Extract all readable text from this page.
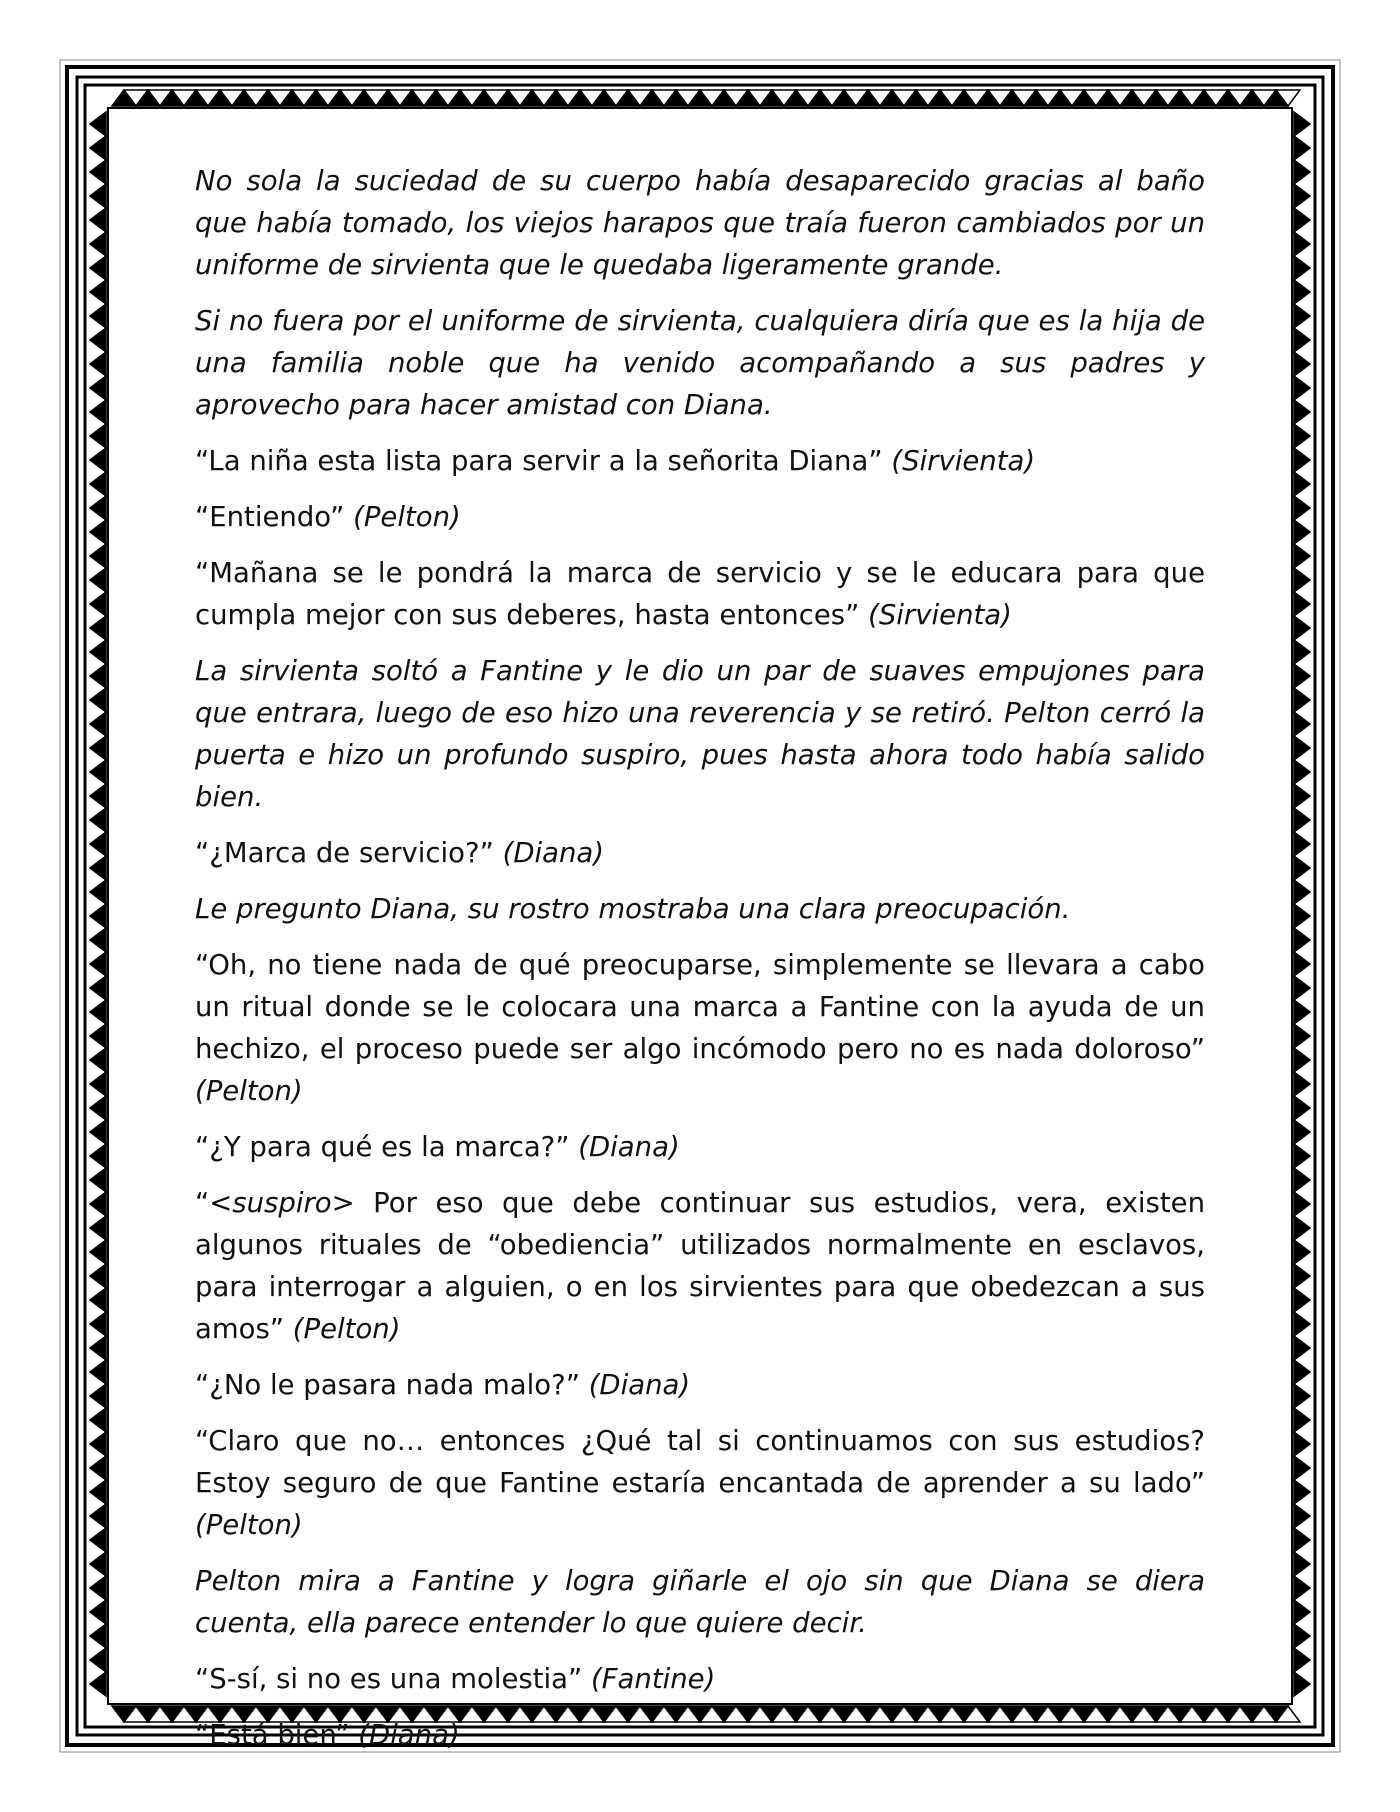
No sola la suciedad de su cuerpo había desaparecido gracias al baño que había tomado, los viejos harapos que traía fueron cambiados por un uniforme de sirvienta que le quedaba ligeramente grande.

Si no fuera por el uniforme de sirvienta, cualquiera diría que es la hija de una familia noble que ha venido acompañando a sus padres y aprovecho para hacer amistad con Diana.

“La niña esta lista para servir a la señorita Diana” (Sirvienta)

“Entiendo” (Pelton)

“Mañana se le pondrá la marca de servicio y se le educara para que cumpla mejor con sus deberes, hasta entonces” (Sirvienta)

La sirvienta soltó a Fantine y le dio un par de suaves empujones para que entrara, luego de eso hizo una reverencia y se retiró. Pelton cerró la puerta e hizo un profundo suspiro, pues hasta ahora todo había salido bien.

“¿Marca de servicio?” (Diana)

Le pregunto Diana, su rostro mostraba una clara preocupación.

“Oh, no tiene nada de qué preocuparse, simplemente se llevara a cabo un ritual donde se le colocara una marca a Fantine con la ayuda de un hechizo, el proceso puede ser algo incómodo pero no es nada doloroso” (Pelton)

“¿Y para qué es la marca?” (Diana)

“<suspiro> Por eso que debe continuar sus estudios, vera, existen algunos rituales de “obediencia” utilizados normalmente en esclavos, para interrogar a alguien, o en los sirvientes para que obedezcan a sus amos” (Pelton)

“¿No le pasara nada malo?” (Diana)

“Claro que no… entonces ¿Qué tal si continuamos con sus estudios? Estoy seguro de que Fantine estaría encantada de aprender a su lado” (Pelton)

Pelton mira a Fantine y logra giñarle el ojo sin que Diana se diera cuenta, ella parece entender lo que quiere decir.

“S-sí, si no es una molestia” (Fantine)

“Está bien” (Diana)
